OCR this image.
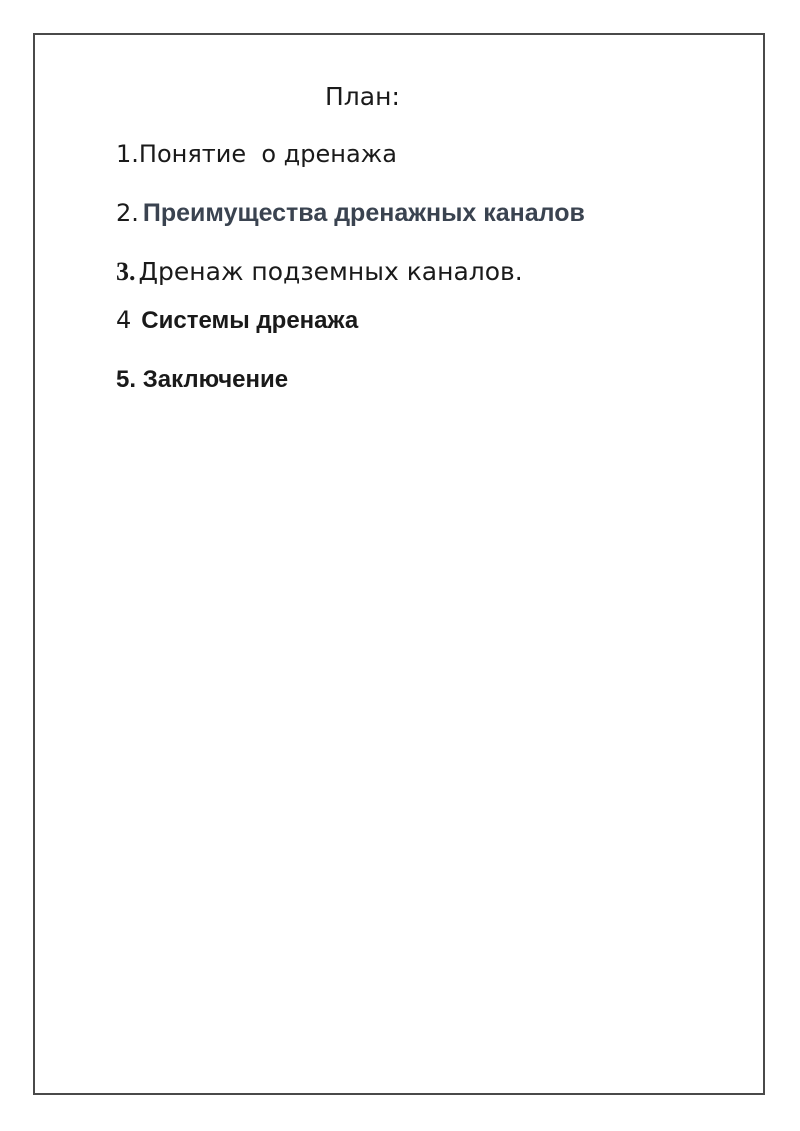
План:
1.Понятие  о дренажа
2. Преимущества дренажных каналов
3. Дренаж подземных каналов.
4 Системы дренажа
5. Заключение
